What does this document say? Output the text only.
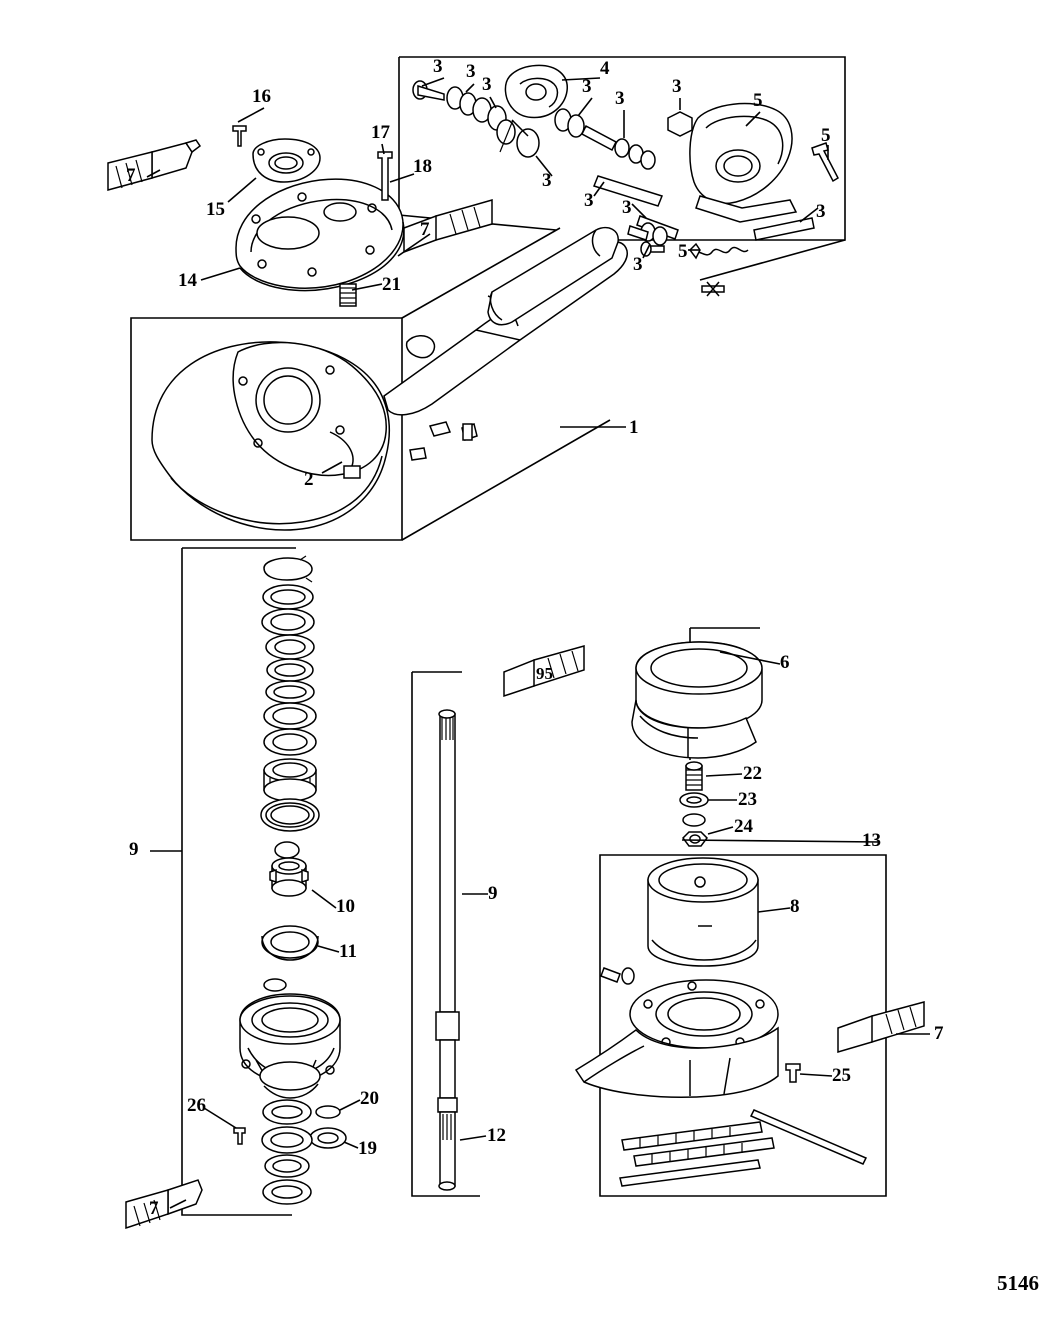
1
2
3 3
3	3
3
3
3
3 3
3
3
4
5
5
5
6
7
7
7
7
8
9
9
10
11
12
13
14
15
16
17
18
19
20
21
22
23
24
25
26
95
5146
